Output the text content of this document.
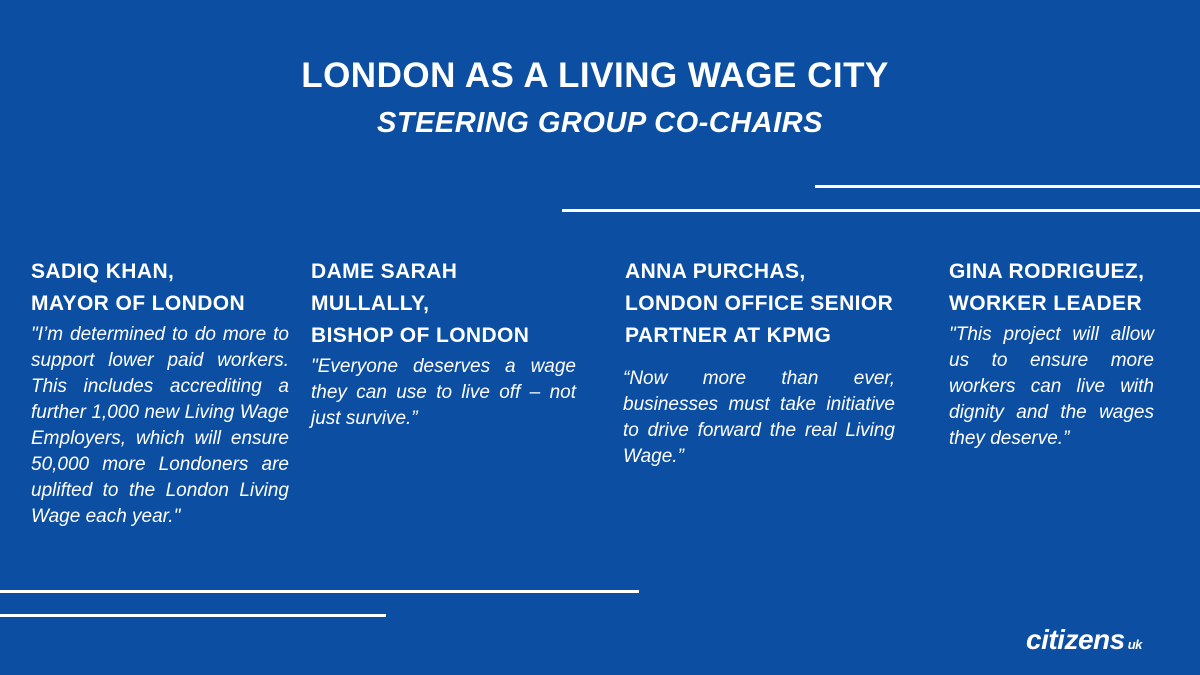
LONDON AS A LIVING WAGE CITY
STEERING GROUP CO-CHAIRS
SADIQ KHAN,
MAYOR OF LONDON
"I’m determined to do more to support lower paid workers. This includes accrediting a further 1,000 new Living Wage Employers, which will ensure 50,000 more Londoners are uplifted to the London Living Wage each year."
DAME SARAH MULLALLY,
BISHOP OF LONDON
"Everyone deserves a wage they can use to live off – not just survive.”
ANNA PURCHAS,
LONDON OFFICE SENIOR
PARTNER AT KPMG
“Now more than ever, businesses must take initiative to drive forward the real Living Wage.”
GINA RODRIGUEZ,
WORKER LEADER
"This project will allow us to ensure more workers can live with dignity and the wages they deserve.”
citizens uk
